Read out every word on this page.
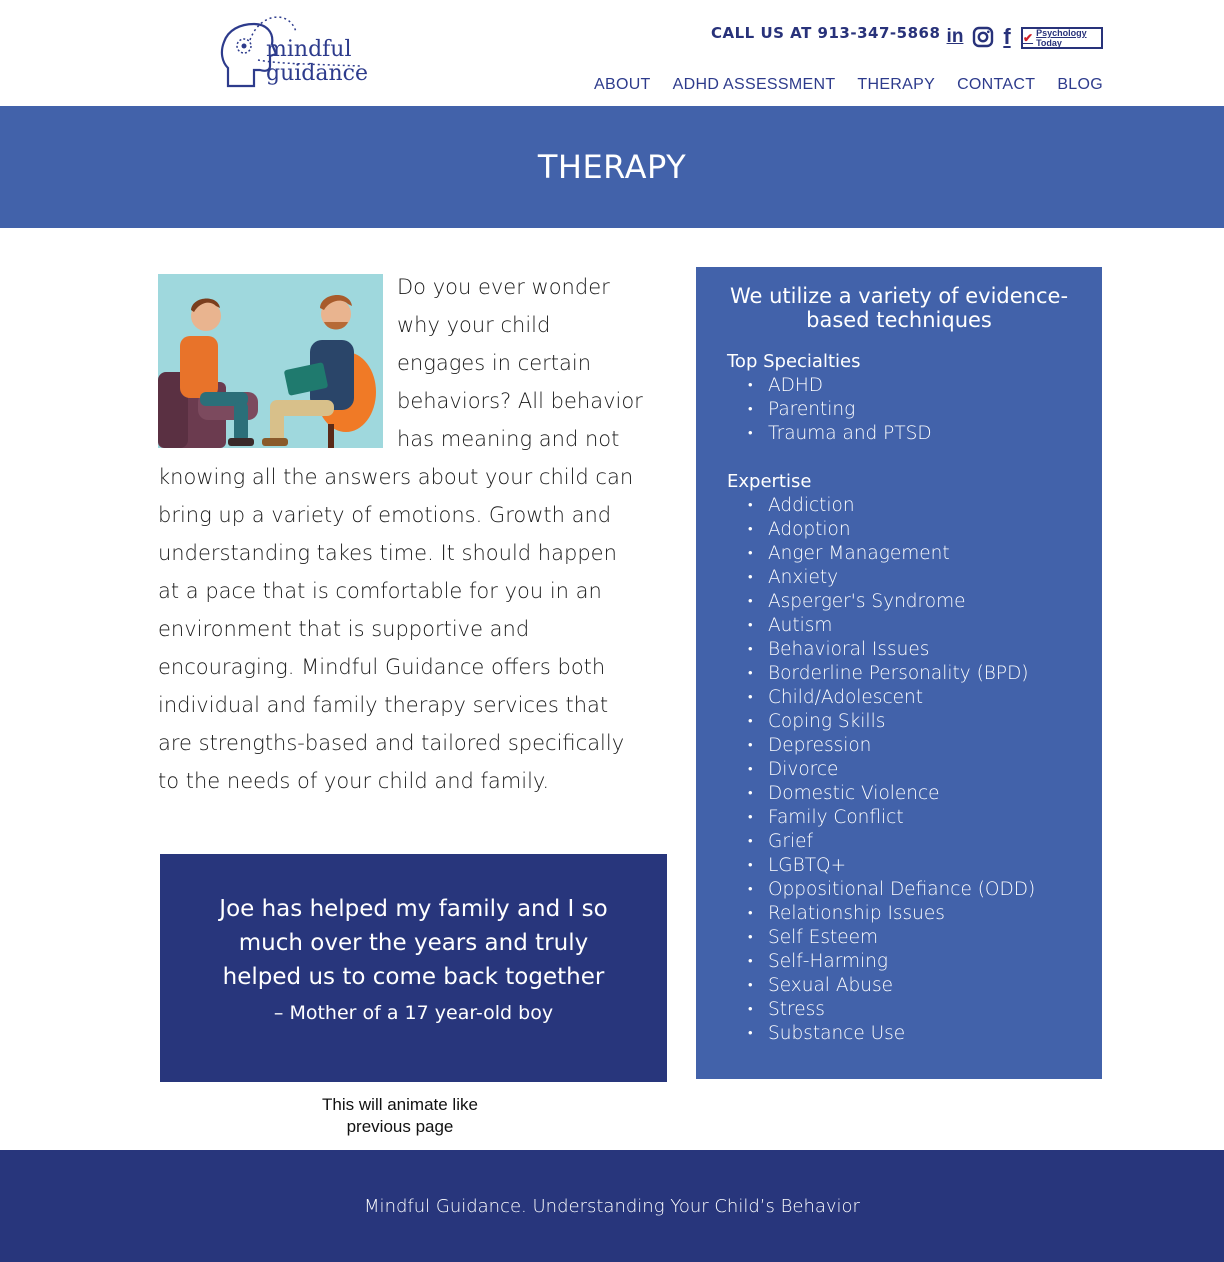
mindful
guidance
CALL US AT 913-347-5868 in f ✔ Psychology Today
ABOUT ADHD ASSESSMENT THERAPY CONTACT BLOG
THERAPY
Do you ever wonder why your child engages in certain behaviors? All behavior has meaning and not knowing all the answers about your child can bring up a variety of emotions. Growth and understanding takes time. It should happen at a pace that is comfortable for you in an environment that is supportive and encouraging. Mindful Guidance offers both individual and family therapy services that are strengths-based and tailored specifically to the needs of your child and family.
Joe has helped my family and I so much over the years and truly helped us to come back together
– Mother of a 17 year-old boy
This will animate like previous page
We utilize a variety of evidence-based techniques
Top Specialties
• ADHD
• Parenting
• Trauma and PTSD
Expertise
• Addiction
• Adoption
• Anger Management
• Anxiety
• Asperger's Syndrome
• Autism
• Behavioral Issues
• Borderline Personality (BPD)
• Child/Adolescent
• Coping Skills
• Depression
• Divorce
• Domestic Violence
• Family Conflict
• Grief
• LGBTQ+
• Oppositional Defiance (ODD)
• Relationship Issues
• Self Esteem
• Self-Harming
• Sexual Abuse
• Stress
• Substance Use

Mindful Guidance. Understanding Your Child’s Behavior
